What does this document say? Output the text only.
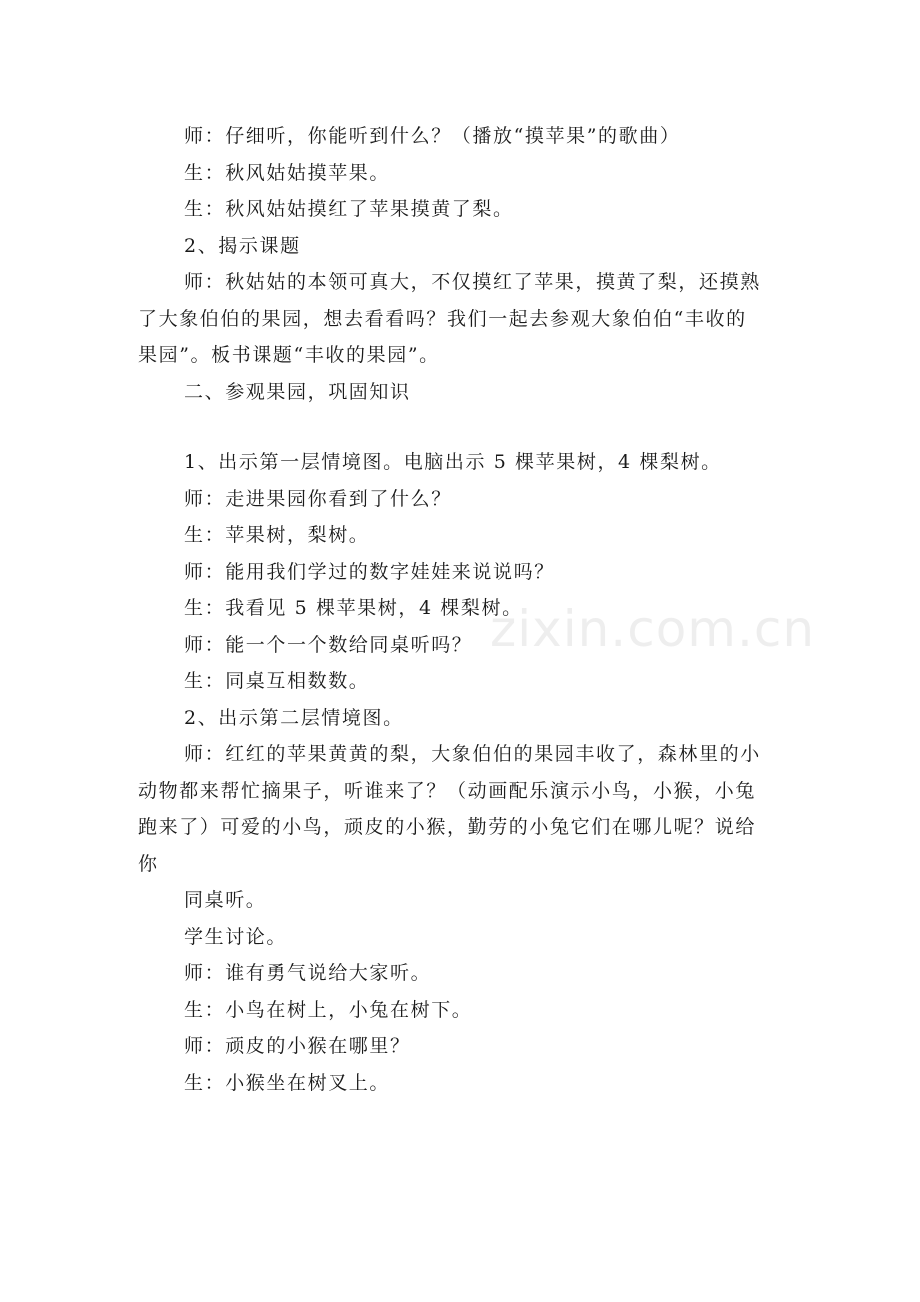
师：仔细听，你能听到什么？（播放“摸苹果”的歌曲）
生：秋风姑姑摸苹果。
生：秋风姑姑摸红了苹果摸黄了梨。
2、揭示课题
师：秋姑姑的本领可真大，不仅摸红了苹果，摸黄了梨，还摸熟
了大象伯伯的果园，想去看看吗？我们一起去参观大象伯伯“丰收的
果园”。板书课题“丰收的果园”。
二、参观果园，巩固知识
1、出示第一层情境图。电脑出示 5 棵苹果树，4 棵梨树。
师：走进果园你看到了什么？
生：苹果树，梨树。
师：能用我们学过的数字娃娃来说说吗？
生：我看见 5 棵苹果树，4 棵梨树。
师：能一个一个数给同桌听吗？
生：同桌互相数数。
2、出示第二层情境图。
师：红红的苹果黄黄的梨，大象伯伯的果园丰收了，森林里的小
动物都来帮忙摘果子，听谁来了？（动画配乐演示小鸟，小猴，小兔
跑来了）可爱的小鸟，顽皮的小猴，勤劳的小兔它们在哪儿呢？说给
你
同桌听。
学生讨论。
师：谁有勇气说给大家听。
生：小鸟在树上，小兔在树下。
师：顽皮的小猴在哪里？
生：小猴坐在树叉上。
zixin.com.cn
